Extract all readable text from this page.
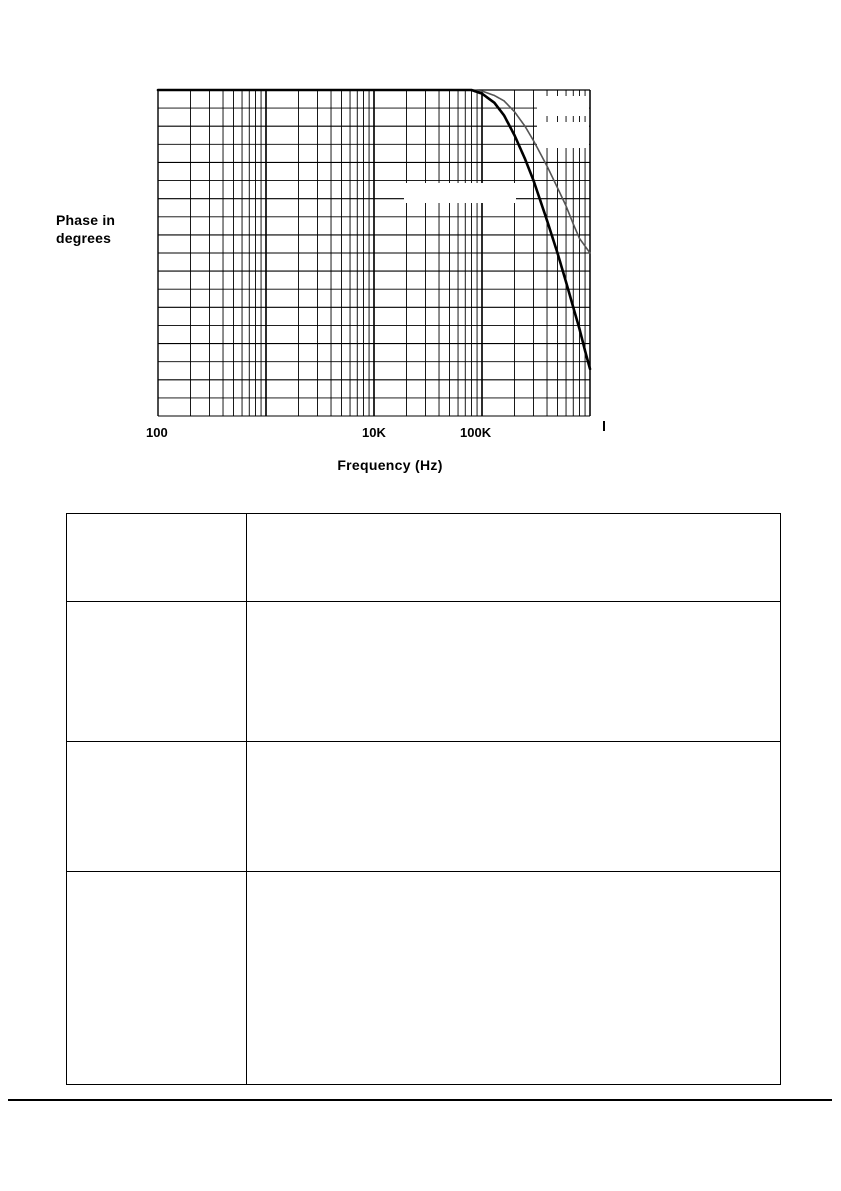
Phase in
degrees
100	10K	100K
Frequency (Hz)
